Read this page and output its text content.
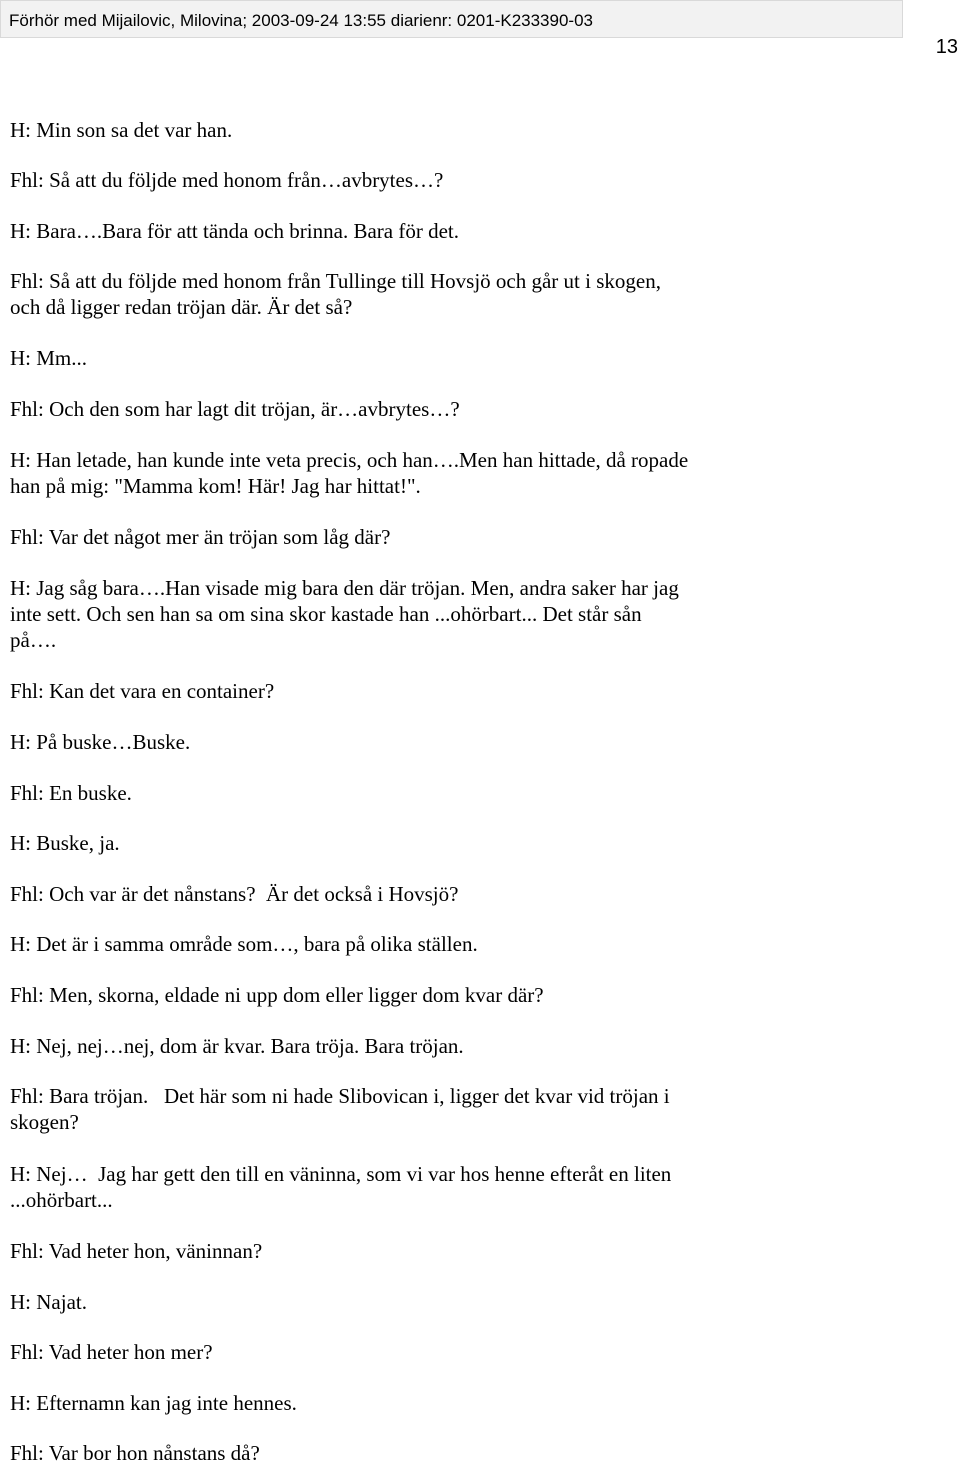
Förhör med Mijailovic, Milovina; 2003-09-24 13:55 diarienr: 0201-K233390-03
13

H: Min son sa det var han.

Fhl: Så att du följde med honom från…avbrytes…?

H: Bara….Bara för att tända och brinna. Bara för det.

Fhl: Så att du följde med honom från Tullinge till Hovsjö och går ut i skogen,
och då ligger redan tröjan där. Är det så?

H: Mm...

Fhl: Och den som har lagt dit tröjan, är…avbrytes…?

H: Han letade, han kunde inte veta precis, och han….Men han hittade, då ropade
han på mig: "Mamma kom! Här! Jag har hittat!".

Fhl: Var det något mer än tröjan som låg där?

H: Jag såg bara….Han visade mig bara den där tröjan. Men, andra saker har jag
inte sett. Och sen han sa om sina skor kastade han ...ohörbart... Det står sån
på….

Fhl: Kan det vara en container?

H: På buske…Buske.

Fhl: En buske.

H: Buske, ja.

Fhl: Och var är det nånstans?  Är det också i Hovsjö?

H: Det är i samma område som…, bara på olika ställen.

Fhl: Men, skorna, eldade ni upp dom eller ligger dom kvar där?

H: Nej, nej…nej, dom är kvar. Bara tröja. Bara tröjan.

Fhl: Bara tröjan.   Det här som ni hade Slibovican i, ligger det kvar vid tröjan i
skogen?

H: Nej…  Jag har gett den till en väninna, som vi var hos henne efteråt en liten
...ohörbart...

Fhl: Vad heter hon, väninnan?

H: Najat.

Fhl: Vad heter hon mer?

H: Efternamn kan jag inte hennes.

Fhl: Var bor hon nånstans då?
